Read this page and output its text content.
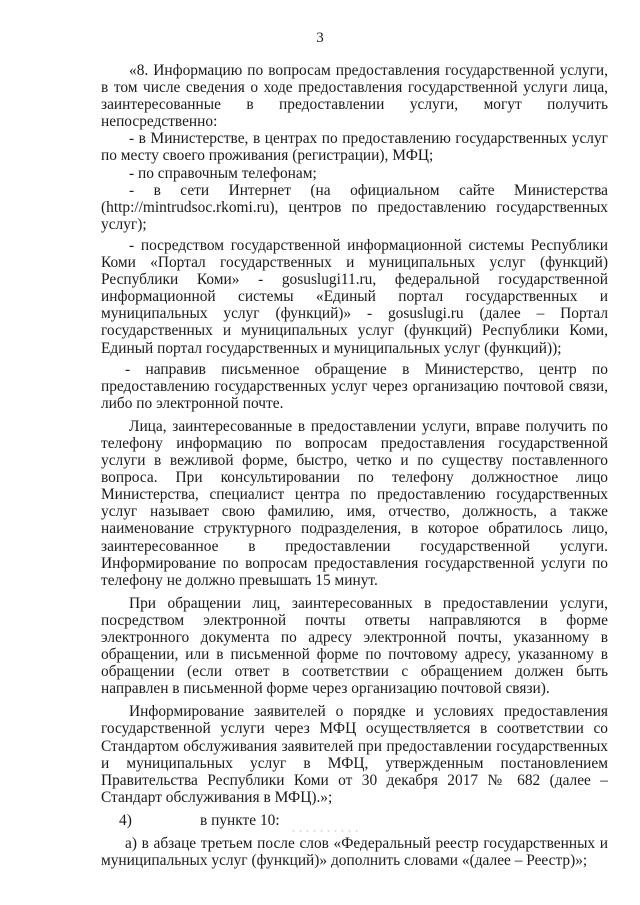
3

«8. Информацию по вопросам предоставления государственной услуги, в том числе сведения о ходе предоставления государственной услуги лица, заинтересованные в предоставлении услуги, могут получить непосредственно:

- в Министерстве, в центрах по предоставлению государственных услуг по месту своего проживания (регистрации), МФЦ;

- по справочным телефонам;

- в сети Интернет (на официальном сайте Министерства (http://mintrudsoc.rkomi.ru), центров по предоставлению государственных услуг);

- посредством государственной информационной системы Республики Коми «Портал государственных и муниципальных услуг (функций) Республики Коми» - gosuslugi11.ru, федеральной государственной информационной системы «Единый портал государственных и муниципальных услуг (функций)» - gosuslugi.ru (далее – Портал государственных и муниципальных услуг (функций) Республики Коми, Единый портал государственных и муниципальных услуг (функций));

- направив письменное обращение в Министерство, центр по предоставлению государственных услуг через организацию почтовой связи, либо по электронной почте.

Лица, заинтересованные в предоставлении услуги, вправе получить по телефону информацию по вопросам предоставления государственной услуги в вежливой форме, быстро, четко и по существу поставленного вопроса. При консультировании по телефону должностное лицо Министерства, специалист центра по предоставлению государственных услуг называет свою фамилию, имя, отчество, должность, а также наименование структурного подразделения, в которое обратилось лицо, заинтересованное в предоставлении государственной услуги. Информирование по вопросам предоставления государственной услуги по телефону не должно превышать 15 минут.

При обращении лиц, заинтересованных в предоставлении услуги, посредством электронной почты ответы направляются в форме электронного документа по адресу электронной почты, указанному в обращении, или в письменной форме по почтовому адресу, указанному в обращении (если ответ в соответствии с обращением должен быть направлен в письменной форме через организацию почтовой связи).

Информирование заявителей о порядке и условиях предоставления государственной услуги через МФЦ осуществляется в соответствии со Стандартом обслуживания заявителей при предоставлении государственных и муниципальных услуг в МФЦ, утвержденным постановлением Правительства Республики Коми от 30 декабря 2017 № 682 (далее – Стандарт обслуживания в МФЦ).»;

4)	в пункте 10:

а) в абзаце третьем после слов «Федеральный реестр государственных и муниципальных услуг (функций)» дополнить словами «(далее – Реестр)»;
